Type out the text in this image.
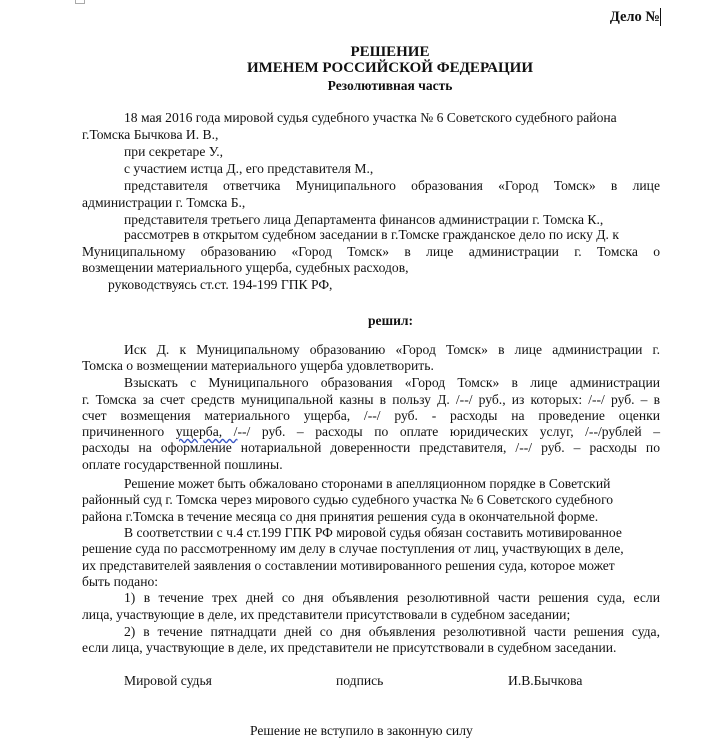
Дело №
РЕШЕНИЕ
ИМЕНЕМ РОССИЙСКОЙ ФЕДЕРАЦИИ
Резолютивная часть
18 мая 2016 года мировой судья судебного участка № 6 Советского судебного района
г.Томска Бычкова И. В.,
при секретаре У.,
с участием истца Д., его представителя М.,
представителя ответчика Муниципального образования «Город Томск» в лице
администрации г. Томска Б.,
представителя третьего лица Департамента финансов администрации г. Томска К.,
рассмотрев в открытом судебном заседании в г.Томске гражданское дело по иску Д. к
Муниципальному образованию «Город Томск» в лице администрации г. Томска о
возмещении материального ущерба, судебных расходов,
руководствуясь ст.ст. 194-199 ГПК РФ,
решил:
Иск Д. к Муниципальному образованию «Город Томск» в лице администрации г.
Томска о возмещении материального ущерба удовлетворить.
Взыскать с Муниципального образования «Город Томск» в лице администрации
г. Томска за счет средств муниципальной казны в пользу Д. /--/ руб., из которых: /--/ руб. – в
счет возмещения материального ущерба, /--/ руб. - расходы на проведение оценки
причиненного ущерба, /--/ руб. – расходы по оплате юридических услуг, /--/рублей –
расходы на оформление нотариальной доверенности представителя, /--/ руб. – расходы по
оплате государственной пошлины.
Решение может быть обжаловано сторонами в апелляционном порядке в Советский
районный суд г. Томска через мирового судью судебного участка № 6 Советского судебного
района г.Томска в течение месяца со дня принятия решения суда в окончательной форме.
В соответствии с ч.4 ст.199 ГПК РФ мировой судья обязан составить мотивированное
решение суда по рассмотренному им делу в случае поступления от лиц, участвующих в деле,
их представителей заявления о составлении мотивированного решения суда, которое может
быть подано:
1) в течение трех дней со дня объявления резолютивной части решения суда, если
лица, участвующие в деле, их представители присутствовали в судебном заседании;
2) в течение пятнадцати дней со дня объявления резолютивной части решения суда,
если лица, участвующие в деле, их представители не присутствовали в судебном заседании.
Мировой судья	подпись	И.В.Бычкова
Решение не вступило в законную силу
